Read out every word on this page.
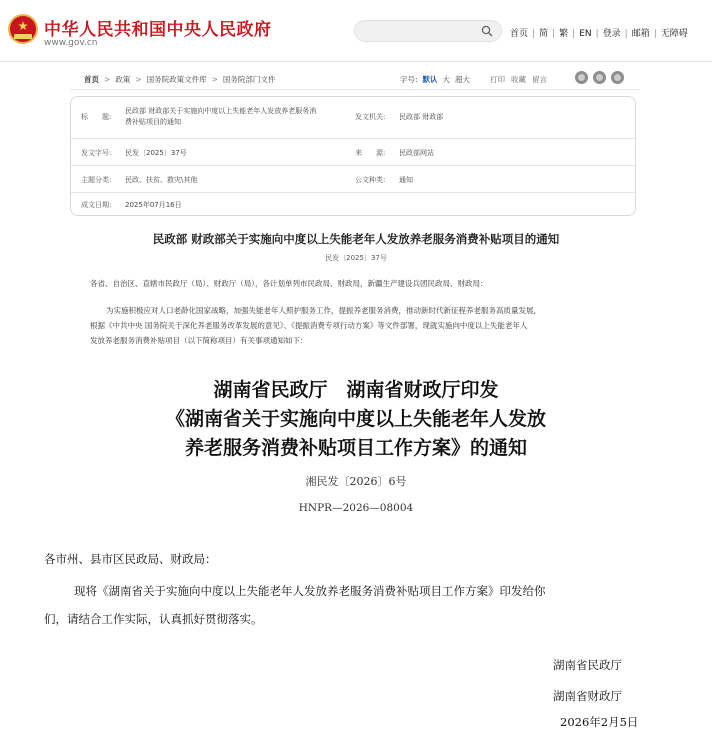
中华人民共和国中央人民政府
www.gov.cn
首页 | 简 | 繁 | EN | 登录 | 邮箱 | 无障碍
首页 > 政策 > 国务院政策文件库 > 国务院部门文件	字号: 默认 大 超大	打印 收藏 留言
标　　题:
民政部 财政部关于实施向中度以上失能老年人发放养老服务消
费补贴项目的通知
发文机关: 民政部 财政部
发文字号: 民发〔2025〕37号	来　　源: 民政部网站
主题分类: 民政、扶贫、救灾\其他	公文种类: 通知
成文日期: 2025年07月16日
民政部 财政部关于实施向中度以上失能老年人发放养老服务消费补贴项目的通知
民发〔2025〕37号
各省、自治区、直辖市民政厅（局）、财政厅（局），各计划单列市民政局、财政局，新疆生产建设兵团民政局、财政局：
为实施积极应对人口老龄化国家战略，加强失能老年人照护服务工作，提振养老服务消费，推动新时代新征程养老服务高质量发展，
根据《中共中央 国务院关于深化养老服务改革发展的意见》、《提振消费专项行动方案》等文件部署，现就实施向中度以上失能老年人
发放养老服务消费补贴项目（以下简称项目）有关事项通知如下：
湖南省民政厅　湖南省财政厅印发
《湖南省关于实施向中度以上失能老年人发放
养老服务消费补贴项目工作方案》的通知
湘民发〔2026〕6号
HNPR—2026—08004
各市州、县市区民政局、财政局：
现将《湖南省关于实施向中度以上失能老年人发放养老服务消费补贴项目工作方案》印发给你
们，请结合工作实际，认真抓好贯彻落实。
湖南省民政厅
湖南省财政厅
2026年2月5日
